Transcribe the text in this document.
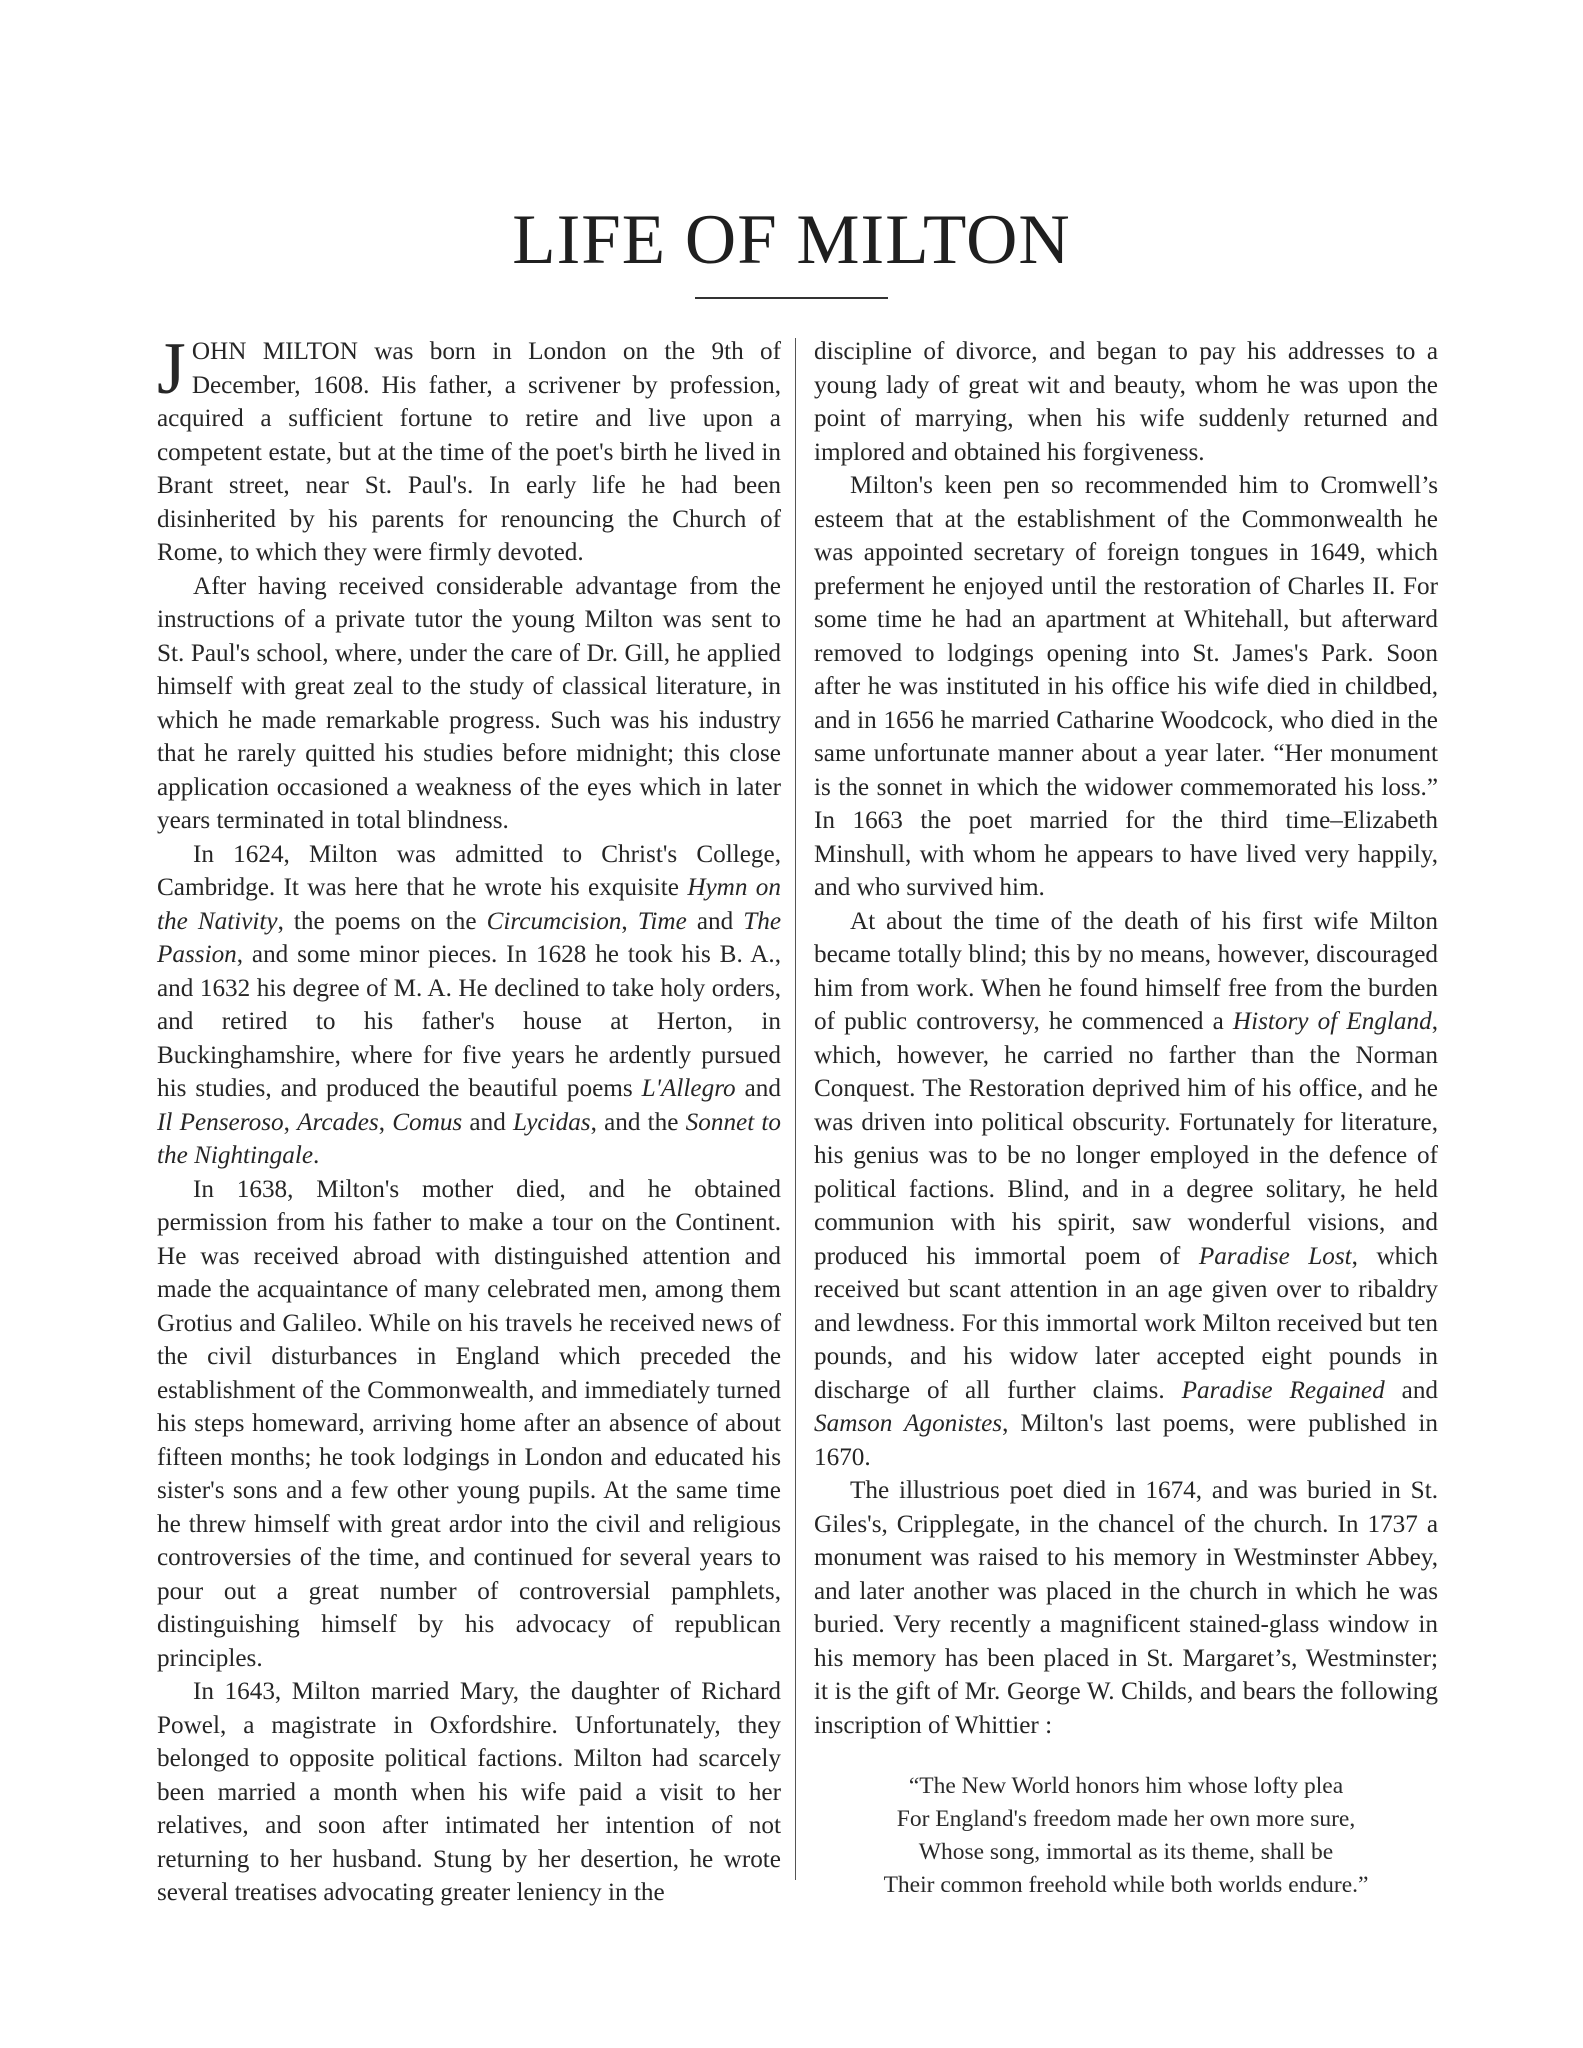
LIFE OF MILTON

JOHN MILTON was born in London on the 9th of December, 1608. His father, a scrivener by profession, acquired a sufficient fortune to retire and live upon a competent estate, but at the time of the poet's birth he lived in Brant street, near St. Paul's. In early life he had been disinherited by his parents for renouncing the Church of Rome, to which they were firmly devoted.

After having received considerable advantage from the instructions of a private tutor the young Milton was sent to St. Paul's school, where, under the care of Dr. Gill, he applied himself with great zeal to the study of classical literature, in which he made remarkable progress. Such was his industry that he rarely quitted his studies before midnight; this close application occasioned a weakness of the eyes which in later years terminated in total blindness.

In 1624, Milton was admitted to Christ's College, Cambridge. It was here that he wrote his exquisite Hymn on the Nativity, the poems on the Circumcision, Time and The Passion, and some minor pieces. In 1628 he took his B. A., and 1632 his degree of M. A. He declined to take holy orders, and retired to his father's house at Herton, in Buckinghamshire, where for five years he ardently pursued his studies, and produced the beautiful poems L'Allegro and Il Penseroso, Arcades, Comus and Lycidas, and the Sonnet to the Nightingale.

In 1638, Milton's mother died, and he obtained permission from his father to make a tour on the Continent. He was received abroad with distinguished attention and made the acquaintance of many celebrated men, among them Grotius and Galileo. While on his travels he received news of the civil disturbances in England which preceded the establishment of the Commonwealth, and immediately turned his steps homeward, arriving home after an absence of about fifteen months; he took lodgings in London and educated his sister's sons and a few other young pupils. At the same time he threw himself with great ardor into the civil and religious controversies of the time, and continued for several years to pour out a great number of controversial pamphlets, distinguishing himself by his advocacy of republican principles.

In 1643, Milton married Mary, the daughter of Richard Powel, a magistrate in Oxfordshire. Unfortunately, they belonged to opposite political factions. Milton had scarcely been married a month when his wife paid a visit to her relatives, and soon after intimated her intention of not returning to her husband. Stung by her desertion, he wrote several treatises advocating greater leniency in the

discipline of divorce, and began to pay his addresses to a young lady of great wit and beauty, whom he was upon the point of marrying, when his wife suddenly returned and implored and obtained his forgiveness.

Milton's keen pen so recommended him to Cromwell’s esteem that at the establishment of the Commonwealth he was appointed secretary of foreign tongues in 1649, which preferment he enjoyed until the restoration of Charles II. For some time he had an apartment at Whitehall, but afterward removed to lodgings opening into St. James's Park. Soon after he was instituted in his office his wife died in childbed, and in 1656 he married Catharine Woodcock, who died in the same unfortunate manner about a year later. “Her monument is the sonnet in which the widower commemorated his loss.” In 1663 the poet married for the third time–Elizabeth Minshull, with whom he appears to have lived very happily, and who survived him.

At about the time of the death of his first wife Milton became totally blind; this by no means, however, discouraged him from work. When he found himself free from the burden of public controversy, he commenced a History of England, which, however, he carried no farther than the Norman Conquest. The Restoration deprived him of his office, and he was driven into political obscurity. Fortunately for literature, his genius was to be no longer employed in the defence of political factions. Blind, and in a degree solitary, he held communion with his spirit, saw wonderful visions, and produced his immortal poem of Paradise Lost, which received but scant attention in an age given over to ribaldry and lewdness. For this immortal work Milton received but ten pounds, and his widow later accepted eight pounds in discharge of all further claims. Paradise Regained and Samson Agonistes, Milton's last poems, were published in 1670.

The illustrious poet died in 1674, and was buried in St. Giles's, Cripplegate, in the chancel of the church. In 1737 a monument was raised to his memory in Westminster Abbey, and later another was placed in the church in which he was buried. Very recently a magnificent stained-glass window in his memory has been placed in St. Margaret’s, Westminster; it is the gift of Mr. George W. Childs, and bears the following inscription of Whittier :

“The New World honors him whose lofty plea
For England's freedom made her own more sure,
Whose song, immortal as its theme, shall be
Their common freehold while both worlds endure.”
